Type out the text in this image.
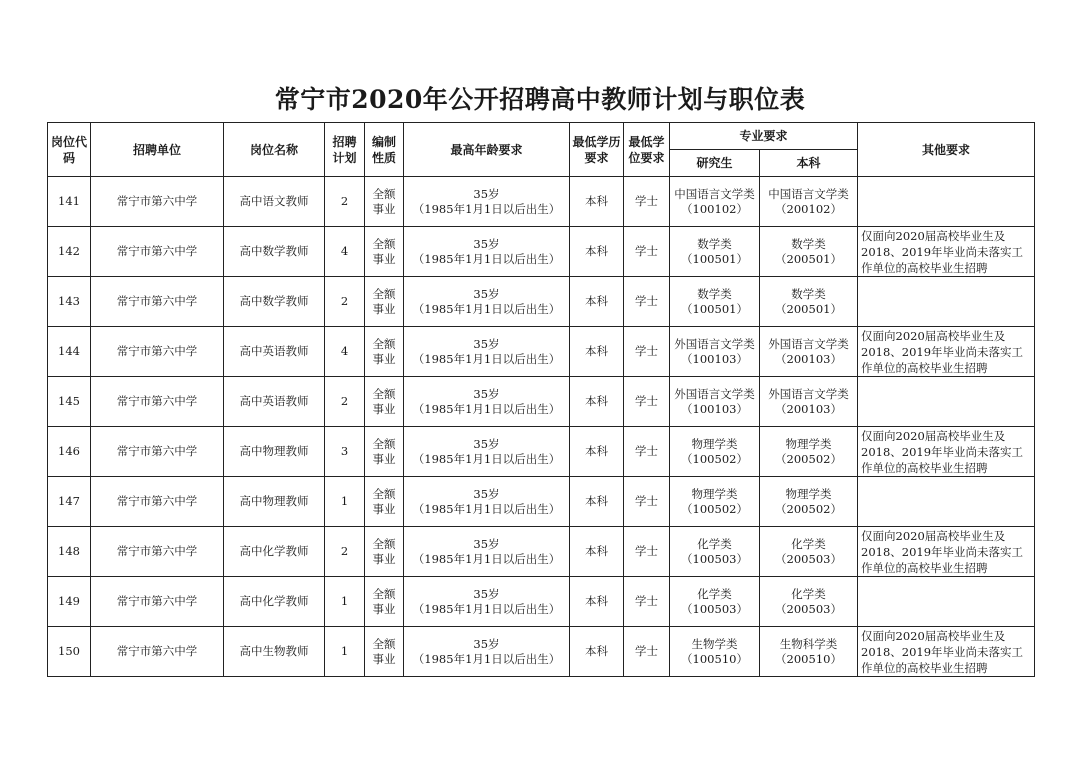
常宁市2020年公开招聘高中教师计划与职位表
岗位代码	招聘单位	岗位名称	招聘计划	编制性质	最高年龄要求	最低学历要求	最低学位要求	专业要求		其他要求
								研究生	本科	
141	常宁市第六中学	高中语文教师	2	全额事业	35岁
（1985年1月1日以后出生）	本科	学士	中国语言文学类（100102）	中国语言文学类（200102）	
142	常宁市第六中学	高中数学教师	4	全额事业	35岁
（1985年1月1日以后出生）	本科	学士	数学类（100501）	数学类（200501）	仅面向2020届高校毕业生及2018、2019年毕业尚未落实工作单位的高校毕业生招聘
143	常宁市第六中学	高中数学教师	2	全额事业	35岁
（1985年1月1日以后出生）	本科	学士	数学类（100501）	数学类（200501）	
144	常宁市第六中学	高中英语教师	4	全额事业	35岁
（1985年1月1日以后出生）	本科	学士	外国语言文学类（100103）	外国语言文学类（200103）	仅面向2020届高校毕业生及2018、2019年毕业尚未落实工作单位的高校毕业生招聘
145	常宁市第六中学	高中英语教师	2	全额事业	35岁
（1985年1月1日以后出生）	本科	学士	外国语言文学类（100103）	外国语言文学类（200103）	
146	常宁市第六中学	高中物理教师	3	全额事业	35岁
（1985年1月1日以后出生）	本科	学士	物理学类（100502）	物理学类（200502）	仅面向2020届高校毕业生及2018、2019年毕业尚未落实工作单位的高校毕业生招聘
147	常宁市第六中学	高中物理教师	1	全额事业	35岁
（1985年1月1日以后出生）	本科	学士	物理学类（100502）	物理学类（200502）	
148	常宁市第六中学	高中化学教师	2	全额事业	35岁
（1985年1月1日以后出生）	本科	学士	化学类（100503）	化学类（200503）	仅面向2020届高校毕业生及2018、2019年毕业尚未落实工作单位的高校毕业生招聘
149	常宁市第六中学	高中化学教师	1	全额事业	35岁
（1985年1月1日以后出生）	本科	学士	化学类（100503）	化学类（200503）	
150	常宁市第六中学	高中生物教师	1	全额事业	35岁
（1985年1月1日以后出生）	本科	学士	生物学类（100510）	生物科学类（200510）	仅面向2020届高校毕业生及2018、2019年毕业尚未落实工作单位的高校毕业生招聘
